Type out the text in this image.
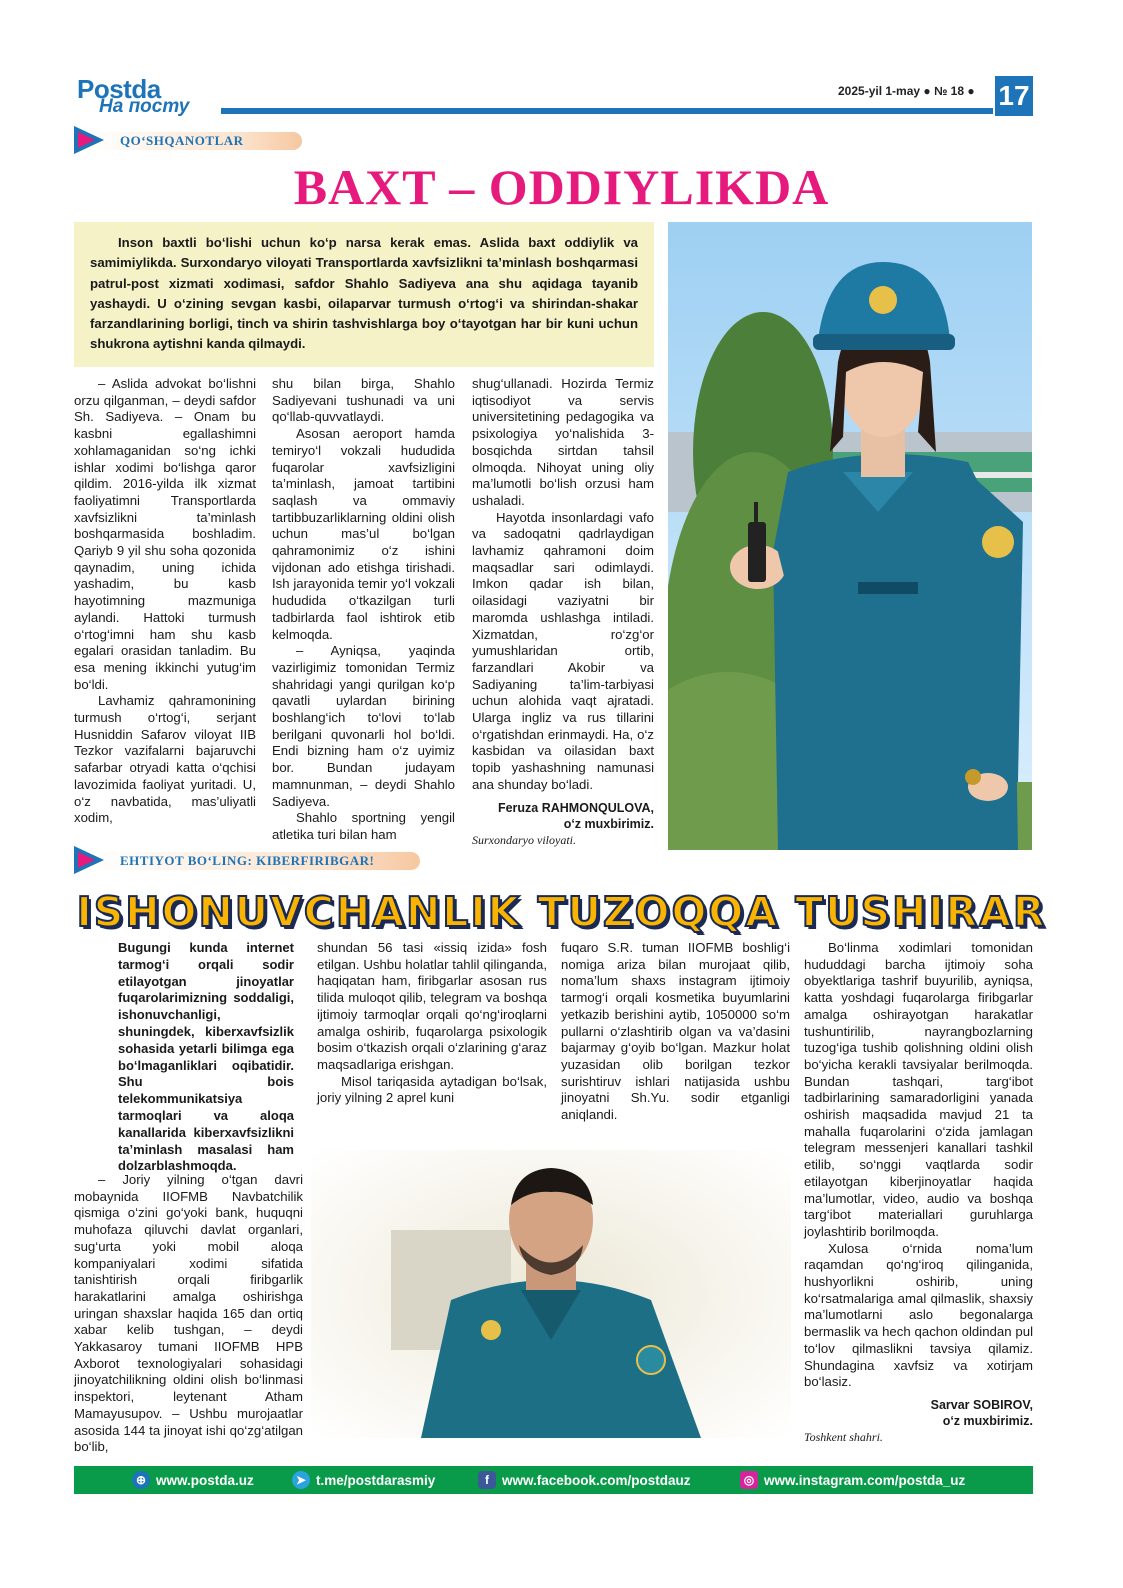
Postda
На посту
2025-yil 1-may ● № 18 ● 17
QO‘SHQANOTLAR
BAXT – ODDIYLIKDA
Inson baxtli bo‘lishi uchun ko‘p narsa kerak emas. Aslida baxt oddiylik va samimiylikda. Surxondaryo viloyati Transportlarda xavfsizlikni ta’minlash boshqarmasi patrul-post xizmati xodimasi, safdor Shahlo Sadiyeva ana shu aqidaga tayanib yashaydi. U o‘zining sevgan kasbi, oilaparvar turmush o‘rtog‘i va shirindan-shakar farzandlarining borligi, tinch va shirin tashvishlarga boy o‘tayotgan har bir kuni uchun shukrona aytishni kanda qilmaydi.

– Aslida advokat bo‘lishni orzu qilganman, – deydi safdor Sh. Sadiyeva. – Onam bu kasbni egallashimni xohlamaganidan so‘ng ichki ishlar xodimi bo‘lishga qaror qildim. 2016-yilda ilk xizmat faoliyatimni Transportlarda xavfsizlikni ta’minlash boshqarmasida boshladim. Qariyb 9 yil shu soha qozonida qaynadim, uning ichida yashadim, bu kasb hayotimning mazmuniga aylandi. Hattoki turmush o‘rtog‘imni ham shu kasb egalari orasidan tanladim. Bu esa mening ikkinchi yutug‘im bo‘ldi.

Lavhamiz qahramonining turmush o‘rtog‘i, serjant Husniddin Safarov viloyat IIB Tezkor vazifalarni bajaruvchi safarbar otryadi katta o‘qchisi lavozimida faoliyat yuritadi. U, o‘z navbatida, mas’uliyatli xodim,

shu bilan birga, Shahlo Sadiyevani tushunadi va uni qo‘llab-quvvatlaydi.

Asosan aeroport hamda temiryo‘l vokzali hududida fuqarolar xavfsizligini ta’minlash, jamoat tartibini saqlash va ommaviy tartibbuzarliklarning oldini olish uchun mas’ul bo‘lgan qahramonimiz o‘z ishini vijdonan ado etishga tirishadi. Ish jarayonida temir yo‘l vokzali hududida o‘tkazilgan turli tadbirlarda faol ishtirok etib kelmoqda.

– Ayniqsa, yaqinda vazirligimiz tomonidan Termiz shahridagi yangi qurilgan ko‘p qavatli uylardan birining boshlang‘ich to‘lovi to‘lab berilgani quvonarli hol bo‘ldi. Endi bizning ham o‘z uyimiz bor. Bundan judayam mamnunman, – deydi Shahlo Sadiyeva.

Shahlo sportning yengil atletika turi bilan ham

shug‘ullanadi. Hozirda Termiz iqtisodiyot va servis universitetining pedagogika va psixologiya yo‘nalishida 3-bosqichda sirtdan tahsil olmoqda. Nihoyat uning oliy ma’lumotli bo‘lish orzusi ham ushaladi.

Hayotda insonlardagi vafo va sadoqatni qadrlaydigan lavhamiz qahramoni doim maqsadlar sari odimlaydi. Imkon qadar ish bilan, oilasidagi vaziyatni bir maromda ushlashga intiladi. Xizmatdan, ro‘zg‘or yumushlaridan ortib, farzandlari Akobir va Sadiyaning ta’lim-tarbiyasi uchun alohida vaqt ajratadi. Ularga ingliz va rus tillarini o‘rgatishdan erinmaydi. Ha, o‘z kasbidan va oilasidan baxt topib yashashning namunasi ana shunday bo‘ladi.

Feruza RAHMONQULOVA,
o‘z muxbirimiz.
Surxondaryo viloyati.
EHTIYOT BO‘LING: KIBERFIRIBGAR!
ISHONUVCHANLIK TUZOQQA TUSHIRAR
Bugungi kunda internet tarmog‘i orqali sodir etilayotgan jinoyatlar fuqarolarimizning soddaligi, ishonuvchanligi, shuningdek, kiberxavfsizlik sohasida yetarli bilimga ega bo‘lmaganliklari oqibatidir. Shu bois telekommunikatsiya tarmoqlari va aloqa kanallarida kiberxavfsizlikni ta’minlash masalasi ham dolzarblashmoqda.

– Joriy yilning o‘tgan davri mobaynida IIOFMB Navbatchilik qismiga o‘zini go‘yoki bank, huquqni muhofaza qiluvchi davlat organlari, sug‘urta yoki mobil aloqa kompaniyalari xodimi sifatida tanishtirish orqali firibgarlik harakatlarini amalga oshirishga uringan shaxslar haqida 165 dan ortiq xabar kelib tushgan, – deydi Yakkasaroy tumani IIOFMB HPB Axborot texnologiyalari sohasidagi jinoyatchilikning oldini olish bo‘linmasi inspektori, leytenant Atham Mamayusupov. – Ushbu murojaatlar asosida 144 ta jinoyat ishi qo‘zg‘atilgan bo‘lib,

shundan 56 tasi «issiq izida» fosh etilgan. Ushbu holatlar tahlil qilinganda, haqiqatan ham, firibgarlar asosan rus tilida muloqot qilib, telegram va boshqa ijtimoiy tarmoqlar orqali qo‘ng‘iroqlarni amalga oshirib, fuqarolarga psixologik bosim o‘tkazish orqali o‘zlarining g‘araz maqsadlariga erishgan.

Misol tariqasida aytadigan bo‘lsak, joriy yilning 2 aprel kuni

fuqaro S.R. tuman IIOFMB boshlig‘i nomiga ariza bilan murojaat qilib, noma’lum shaxs instagram ijtimoiy tarmog‘i orqali kosmetika buyumlarini yetkazib berishini aytib, 1050000 so‘m pullarni o‘zlashtirib olgan va va’dasini bajarmay g‘oyib bo‘lgan. Mazkur holat yuzasidan olib borilgan tezkor surishtiruv ishlari natijasida ushbu jinoyatni Sh.Yu. sodir etganligi aniqlandi.

Bo‘linma xodimlari tomonidan hududdagi barcha ijtimoiy soha obyektlariga tashrif buyurilib, ayniqsa, katta yoshdagi fuqarolarga firibgarlar amalga oshirayotgan harakatlar tushuntirilib, nayrangbozlarning tuzog‘iga tushib qolishning oldini olish bo‘yicha kerakli tavsiyalar berilmoqda. Bundan tashqari, targ‘ibot tadbirlarining samaradorligini yanada oshirish maqsadida mavjud 21 ta mahalla fuqarolarini o‘zida jamlagan telegram messenjeri kanallari tashkil etilib, so‘nggi vaqtlarda sodir etilayotgan kiberjinoyatlar haqida ma’lumotlar, video, audio va boshqa targ‘ibot materiallari guruhlarga joylashtirib borilmoqda.

Xulosa o‘rnida noma’lum raqamdan qo‘ng‘iroq qilinganida, hushyorlikni oshirib, uning ko‘rsatmalariga amal qilmaslik, shaxsiy ma’lumotlarni aslo begonalarga bermaslik va hech qachon oldindan pul to‘lov qilmaslikni tavsiya qilamiz. Shundagina xavfsiz va xotirjam bo‘lasiz.

Sarvar SOBIROV,
o‘z muxbirimiz.
Toshkent shahri.
⊕ www.postda.uz	➤ t.me/postdarasmiy	f www.facebook.com/postdauz	◎ www.instagram.com/postda_uz
